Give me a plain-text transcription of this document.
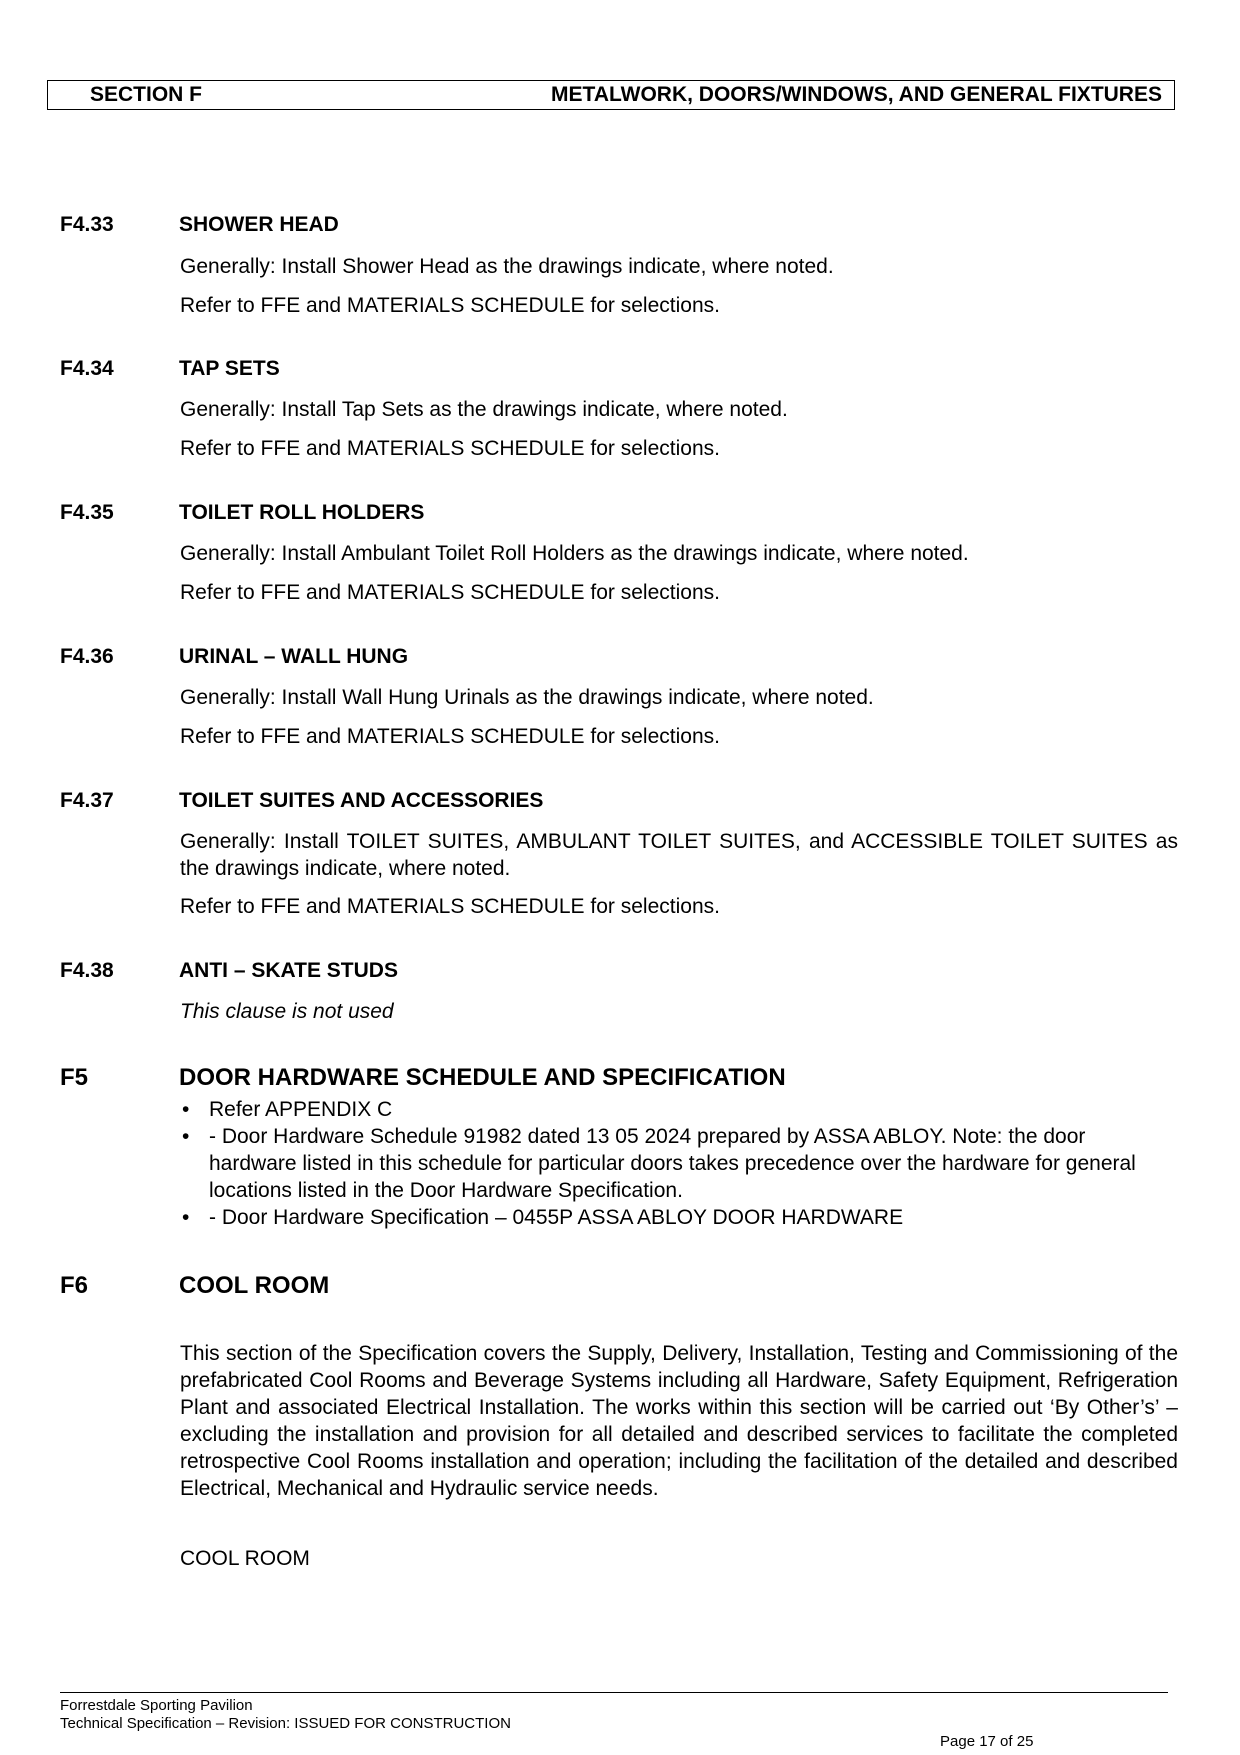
SECTION F	METALWORK, DOORS/WINDOWS, AND GENERAL FIXTURES
F4.33	SHOWER HEAD
Generally: Install Shower Head as the drawings indicate, where noted.
Refer to FFE and MATERIALS SCHEDULE for selections.
F4.34	TAP SETS
Generally: Install Tap Sets as the drawings indicate, where noted.
Refer to FFE and MATERIALS SCHEDULE for selections.
F4.35	TOILET ROLL HOLDERS
Generally: Install Ambulant Toilet Roll Holders as the drawings indicate, where noted.
Refer to FFE and MATERIALS SCHEDULE for selections.
F4.36	URINAL – WALL HUNG
Generally: Install Wall Hung Urinals as the drawings indicate, where noted.
Refer to FFE and MATERIALS SCHEDULE for selections.
F4.37	TOILET SUITES AND ACCESSORIES
Generally: Install TOILET SUITES, AMBULANT TOILET SUITES, and ACCESSIBLE TOILET SUITES as the drawings indicate, where noted.
Refer to FFE and MATERIALS SCHEDULE for selections.
F4.38	ANTI – SKATE STUDS
This clause is not used
F5	DOOR HARDWARE SCHEDULE AND SPECIFICATION
• Refer APPENDIX C
• - Door Hardware Schedule 91982 dated 13 05 2024 prepared by ASSA ABLOY. Note: the door hardware listed in this schedule for particular doors takes precedence over the hardware for general locations listed in the Door Hardware Specification.
• - Door Hardware Specification – 0455P ASSA ABLOY DOOR HARDWARE
F6	COOL ROOM
This section of the Specification covers the Supply, Delivery, Installation, Testing and Commissioning of the prefabricated Cool Rooms and Beverage Systems including all Hardware, Safety Equipment, Refrigeration Plant and associated Electrical Installation. The works within this section will be carried out ‘By Other’s’ – excluding the installation and provision for all detailed and described services to facilitate the completed retrospective Cool Rooms installation and operation; including the facilitation of the detailed and described Electrical, Mechanical and Hydraulic service needs.
COOL ROOM
Forrestdale Sporting Pavilion
Technical Specification – Revision: ISSUED FOR CONSTRUCTION
Page 17 of 25
